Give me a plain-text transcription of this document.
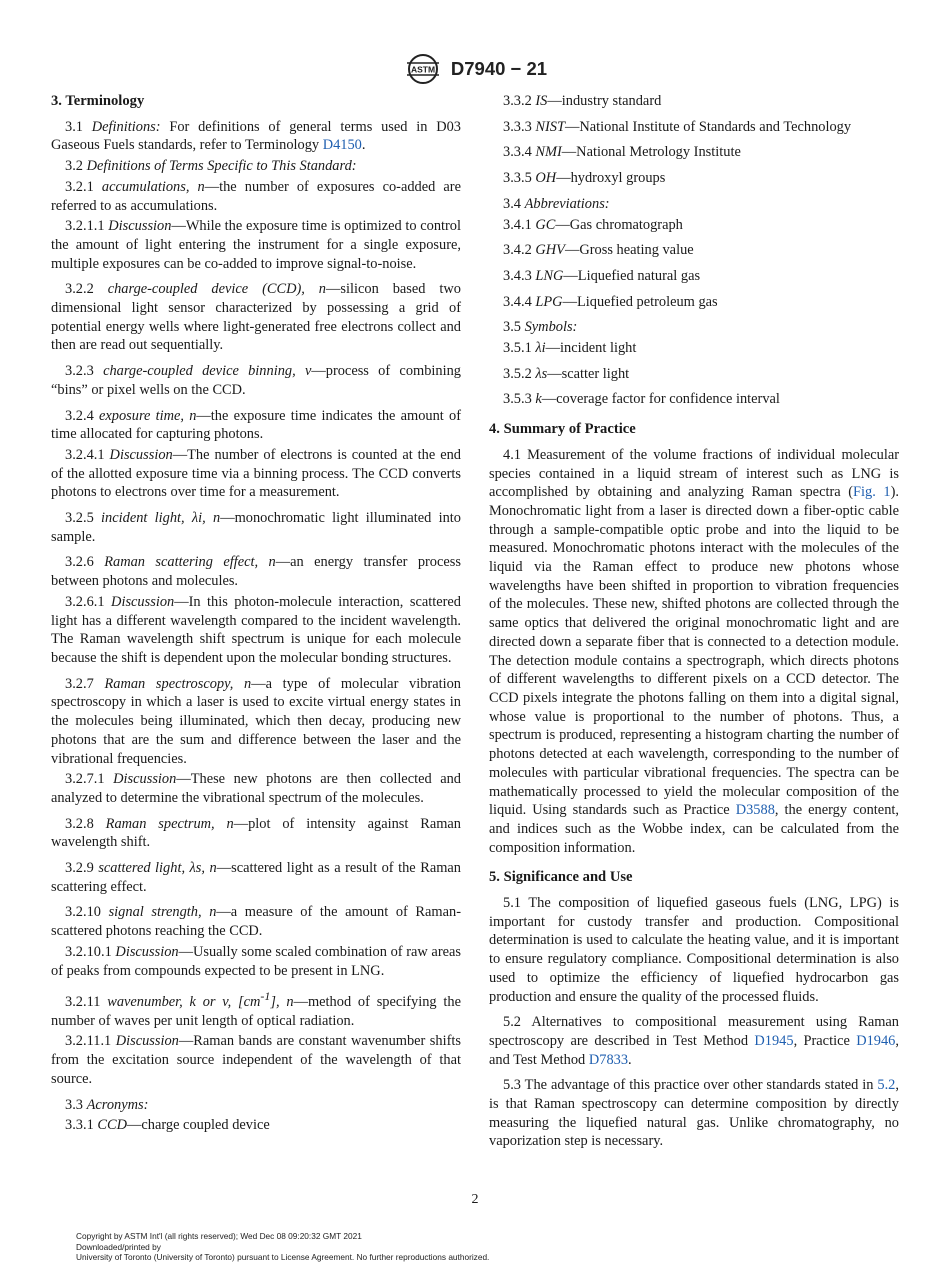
ASTM D7940 − 21
3. Terminology
3.1 Definitions: For definitions of general terms used in D03 Gaseous Fuels standards, refer to Terminology D4150.
3.2 Definitions of Terms Specific to This Standard:
3.2.1 accumulations, n—the number of exposures co-added are referred to as accumulations.
3.2.1.1 Discussion—While the exposure time is optimized to control the amount of light entering the instrument for a single exposure, multiple exposures can be co-added to improve signal-to-noise.
3.2.2 charge-coupled device (CCD), n—silicon based two dimensional light sensor characterized by possessing a grid of potential energy wells where light-generated free electrons collect and then are read out sequentially.
3.2.3 charge-coupled device binning, v—process of combining “bins” or pixel wells on the CCD.
3.2.4 exposure time, n—the exposure time indicates the amount of time allocated for capturing photons.
3.2.4.1 Discussion—The number of electrons is counted at the end of the allotted exposure time via a binning process. The CCD converts photons to electrons over time for a measurement.
3.2.5 incident light, λi, n—monochromatic light illuminated into sample.
3.2.6 Raman scattering effect, n—an energy transfer process between photons and molecules.
3.2.6.1 Discussion—In this photon-molecule interaction, scattered light has a different wavelength compared to the incident wavelength. The Raman wavelength shift spectrum is unique for each molecule because the shift is dependent upon the molecular bonding structures.
3.2.7 Raman spectroscopy, n—a type of molecular vibration spectroscopy in which a laser is used to excite virtual energy states in the molecules being illuminated, which then decay, producing new photons that are the sum and difference between the laser and the vibrational frequencies.
3.2.7.1 Discussion—These new photons are then collected and analyzed to determine the vibrational spectrum of the molecules.
3.2.8 Raman spectrum, n—plot of intensity against Raman wavelength shift.
3.2.9 scattered light, λs, n—scattered light as a result of the Raman scattering effect.
3.2.10 signal strength, n—a measure of the amount of Raman-scattered photons reaching the CCD.
3.2.10.1 Discussion—Usually some scaled combination of raw areas of peaks from compounds expected to be present in LNG.
3.2.11 wavenumber, k or v, $[cm^{-1}]$, n—method of specifying the number of waves per unit length of optical radiation.
3.2.11.1 Discussion—Raman bands are constant wavenumber shifts from the excitation source independent of the wavelength of that source.
3.3 Acronyms:
3.3.1 CCD—charge coupled device
3.3.2 IS—industry standard
3.3.3 NIST—National Institute of Standards and Technology
3.3.4 NMI—National Metrology Institute
3.3.5 OH—hydroxyl groups
3.4 Abbreviations:
3.4.1 GC—Gas chromatograph
3.4.2 GHV—Gross heating value
3.4.3 LNG—Liquefied natural gas
3.4.4 LPG—Liquefied petroleum gas
3.5 Symbols:
3.5.1 λi—incident light
3.5.2 λs—scatter light
3.5.3 k—coverage factor for confidence interval
4. Summary of Practice
4.1 Measurement of the volume fractions of individual molecular species contained in a liquid stream of interest such as LNG is accomplished by obtaining and analyzing Raman spectra (Fig. 1). Monochromatic light from a laser is directed down a fiber-optic cable through a sample-compatible optic probe and into the liquid to be measured. Monochromatic photons interact with the molecules of the liquid via the Raman effect to produce new photons whose wavelengths have been shifted in proportion to vibration frequencies of the molecules. These new, shifted photons are collected through the same optics that delivered the original monochromatic light and are directed down a separate fiber that is connected to a detection module. The detection module contains a spectrograph, which directs photons of different wavelengths to different pixels on a CCD detector. The CCD pixels integrate the photons falling on them into a digital signal, whose value is proportional to the number of photons. Thus, a spectrum is produced, representing a histogram charting the number of photons detected at each wavelength, corresponding to the number of molecules with particular vibrational frequencies. The spectra can be mathematically processed to yield the molecular composition of the liquid. Using standards such as Practice D3588, the energy content, and indices such as the Wobbe index, can be calculated from the composition information.
5. Significance and Use
5.1 The composition of liquefied gaseous fuels (LNG, LPG) is important for custody transfer and production. Compositional determination is used to calculate the heating value, and it is important to ensure regulatory compliance. Compositional determination is also used to optimize the efficiency of liquefied hydrocarbon gas production and ensure the quality of the processed fluids.
5.2 Alternatives to compositional measurement using Raman spectroscopy are described in Test Method D1945, Practice D1946, and Test Method D7833.
5.3 The advantage of this practice over other standards stated in 5.2, is that Raman spectroscopy can determine composition by directly measuring the liquefied natural gas. Unlike chromatography, no vaporization step is necessary.
2
Copyright by ASTM Int'l (all rights reserved); Wed Dec 08 09:20:32 GMT 2021
Downloaded/printed by
University of Toronto (University of Toronto) pursuant to License Agreement. No further reproductions authorized.
